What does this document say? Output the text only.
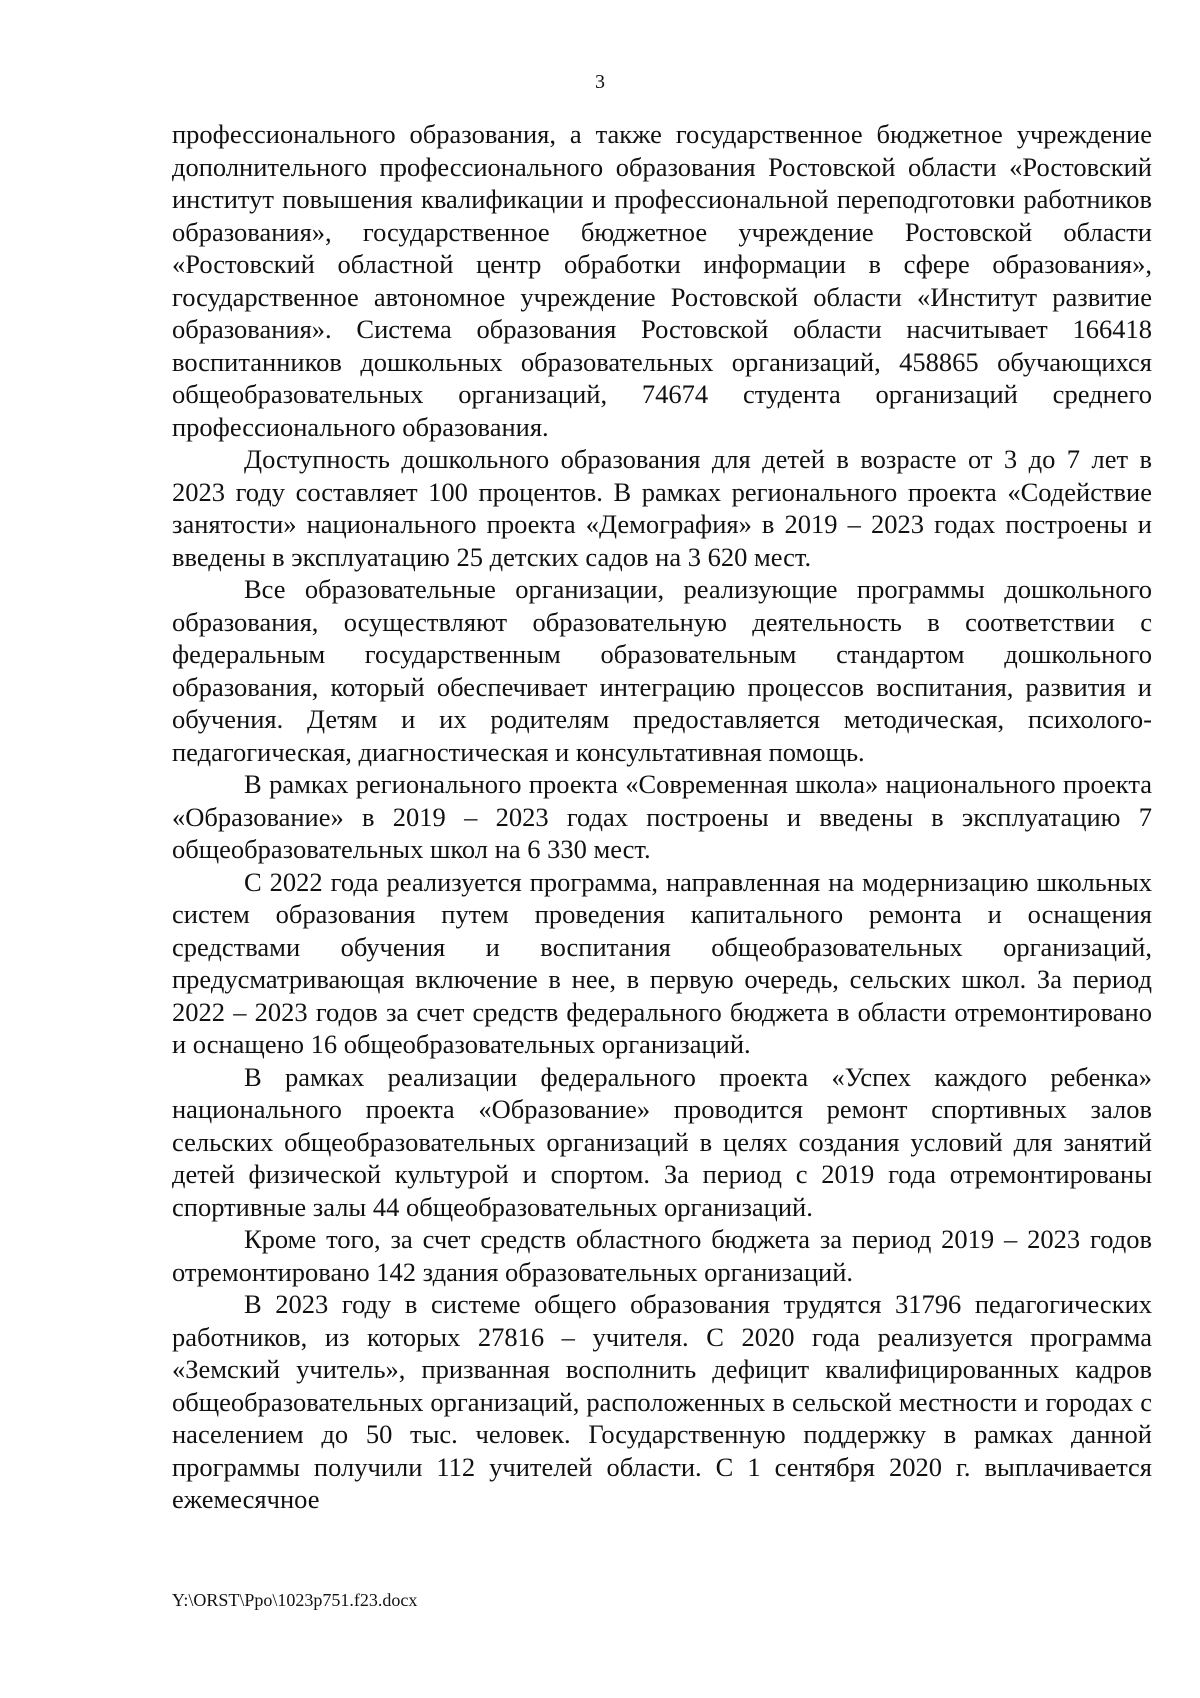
3

профессионального образования, а также государственное бюджетное учреждение дополнительного профессионального образования Ростовской области «Ростовский институт повышения квалификации и профессиональной переподготовки работников образования», государственное бюджетное учреждение Ростовской области «Ростовский областной центр обработки информации в сфере образования», государственное автономное учреждение Ростовской области «Институт развитие образования». Система образования Ростовской области насчитывает 166418 воспитанников дошкольных образовательных организаций, 458865 обучающихся общеобразовательных организаций, 74674 студента организаций среднего профессионального образования.

Доступность дошкольного образования для детей в возрасте от 3 до 7 лет в 2023 году составляет 100 процентов. В рамках регионального проекта «Содействие занятости» национального проекта «Демография» в 2019 – 2023 годах построены и введены в эксплуатацию 25 детских садов на 3 620 мест.

Все образовательные организации, реализующие программы дошкольного образования, осуществляют образовательную деятельность в соответствии с федеральным государственным образовательным стандартом дошкольного образования, который обеспечивает интеграцию процессов воспитания, развития и обучения. Детям и их родителям предоставляется методическая, психолого-педагогическая, диагностическая и консультативная помощь.

В рамках регионального проекта «Современная школа» национального проекта «Образование» в 2019 – 2023 годах построены и введены в эксплуатацию 7 общеобразовательных школ на 6 330 мест.

С 2022 года реализуется программа, направленная на модернизацию школьных систем образования путем проведения капитального ремонта и оснащения средствами обучения и воспитания общеобразовательных организаций, предусматривающая включение в нее, в первую очередь, сельских школ. За период 2022 – 2023 годов за счет средств федерального бюджета в области отремонтировано и оснащено 16 общеобразовательных организаций.

В рамках реализации федерального проекта «Успех каждого ребенка» национального проекта «Образование» проводится ремонт спортивных залов сельских общеобразовательных организаций в целях создания условий для занятий детей физической культурой и спортом. За период с 2019 года отремонтированы спортивные залы 44 общеобразовательных организаций.

Кроме того, за счет средств областного бюджета за период 2019 – 2023 годов отремонтировано 142 здания образовательных организаций.

В 2023 году в системе общего образования трудятся 31796 педагогических работников, из которых 27816 – учителя. С 2020 года реализуется программа «Земский учитель», призванная восполнить дефицит квалифицированных кадров общеобразовательных организаций, расположенных в сельской местности и городах с населением до 50 тыс. человек. Государственную поддержку в рамках данной программы получили 112 учителей области. С 1 сентября 2020 г. выплачивается ежемесячное

Y:\ORST\Ppo\1023p751.f23.docx
